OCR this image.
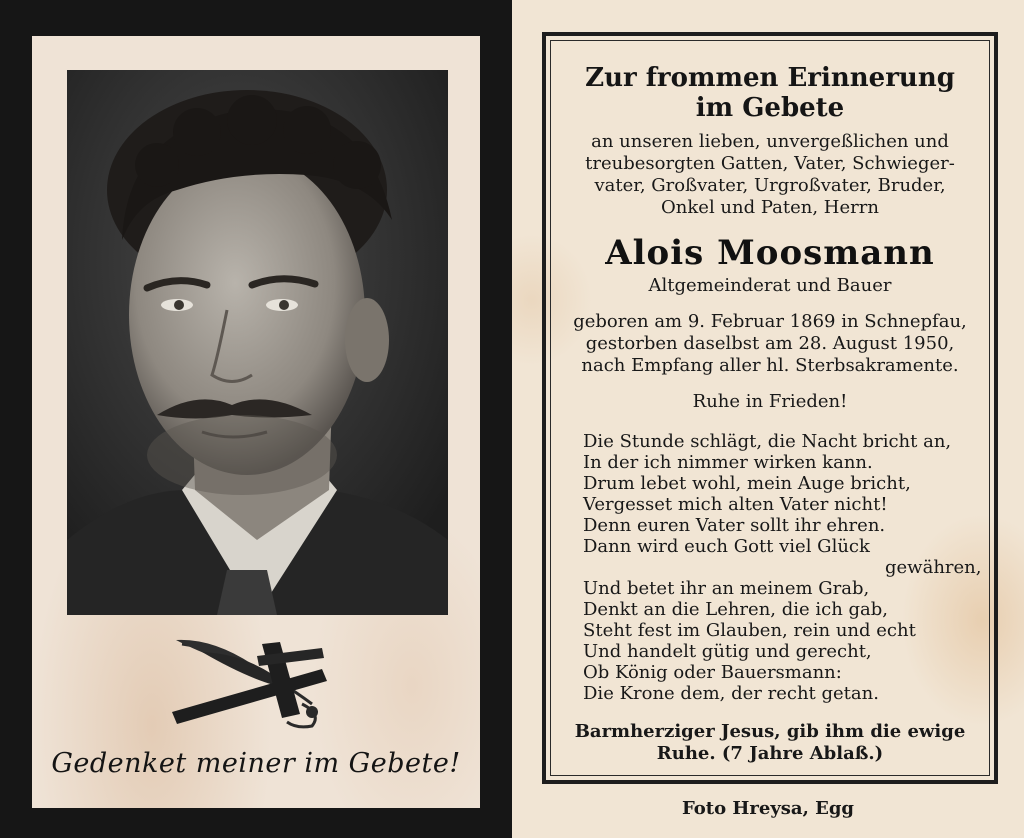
Gedenket meiner im Gebete!
Zur frommen Erinnerung
im Gebete
an unseren lieben, unvergeßlichen und
treubesorgten Gatten, Vater, Schwieger-
vater, Großvater, Urgroßvater, Bruder,
Onkel und Paten, Herrn
Alois Moosmann
Altgemeinderat und Bauer
geboren am 9. Februar 1869 in Schnepfau,
gestorben daselbst am 28. August 1950,
nach Empfang aller hl. Sterbsakramente.
Ruhe in Frieden!
Die Stunde schlägt, die Nacht bricht an,
In der ich nimmer wirken kann.
Drum lebet wohl, mein Auge bricht,
Vergesset mich alten Vater nicht!
Denn euren Vater sollt ihr ehren.
Dann wird euch Gott viel Glück
gewähren,
Und betet ihr an meinem Grab,
Denkt an die Lehren, die ich gab,
Steht fest im Glauben, rein und echt
Und handelt gütig und gerecht,
Ob König oder Bauersmann:
Die Krone dem, der recht getan.
Barmherziger Jesus, gib ihm die ewige
Ruhe. (7 Jahre Ablaß.)
Foto Hreysa, Egg
